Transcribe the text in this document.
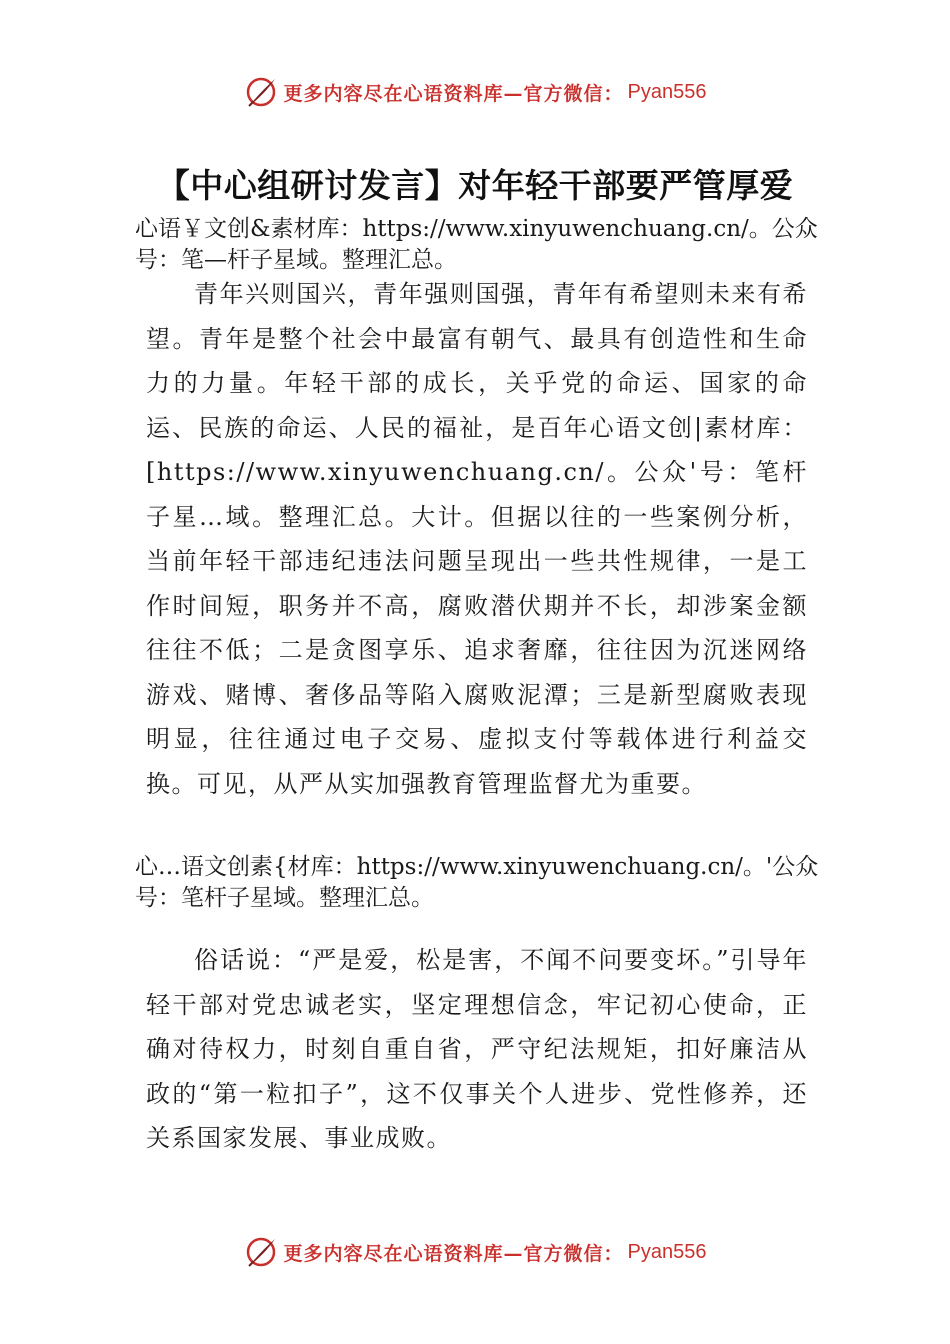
更多内容尽在心语资料库—官方微信： Pyan556
【中心组研讨发言】对年轻干部要严管厚爱
心语￥文创&素材库：https://www.xinyuwenchuang.cn/。公众号：笔—杆子星域。整理汇总。
青年兴则国兴，青年强则国强，青年有希望则未来有希望。青年是整个社会中最富有朝气、最具有创造性和生命力的力量。年轻干部的成长，关乎党的命运、国家的命运、民族的命运、人民的福祉，是百年心语文创|素材库：[https://www.xinyuwenchuang.cn/。公众'号：笔杆子星…域。整理汇总。大计。但据以往的一些案例分析，当前年轻干部违纪违法问题呈现出一些共性规律，一是工作时间短，职务并不高，腐败潜伏期并不长，却涉案金额往往不低；二是贪图享乐、追求奢靡，往往因为沉迷网络游戏、赌博、奢侈品等陷入腐败泥潭；三是新型腐败表现明显，往往通过电子交易、虚拟支付等载体进行利益交换。可见，从严从实加强教育管理监督尤为重要。
心…语文创素{材库：https://www.xinyuwenchuang.cn/。'公众号：笔杆子星域。整理汇总。
俗话说：“严是爱，松是害，不闻不问要变坏。”引导年轻干部对党忠诚老实，坚定理想信念，牢记初心使命，正确对待权力，时刻自重自省，严守纪法规矩，扣好廉洁从政的“第一粒扣子”，这不仅事关个人进步、党性修养，还关系国家发展、事业成败。
更多内容尽在心语资料库—官方微信： Pyan556
